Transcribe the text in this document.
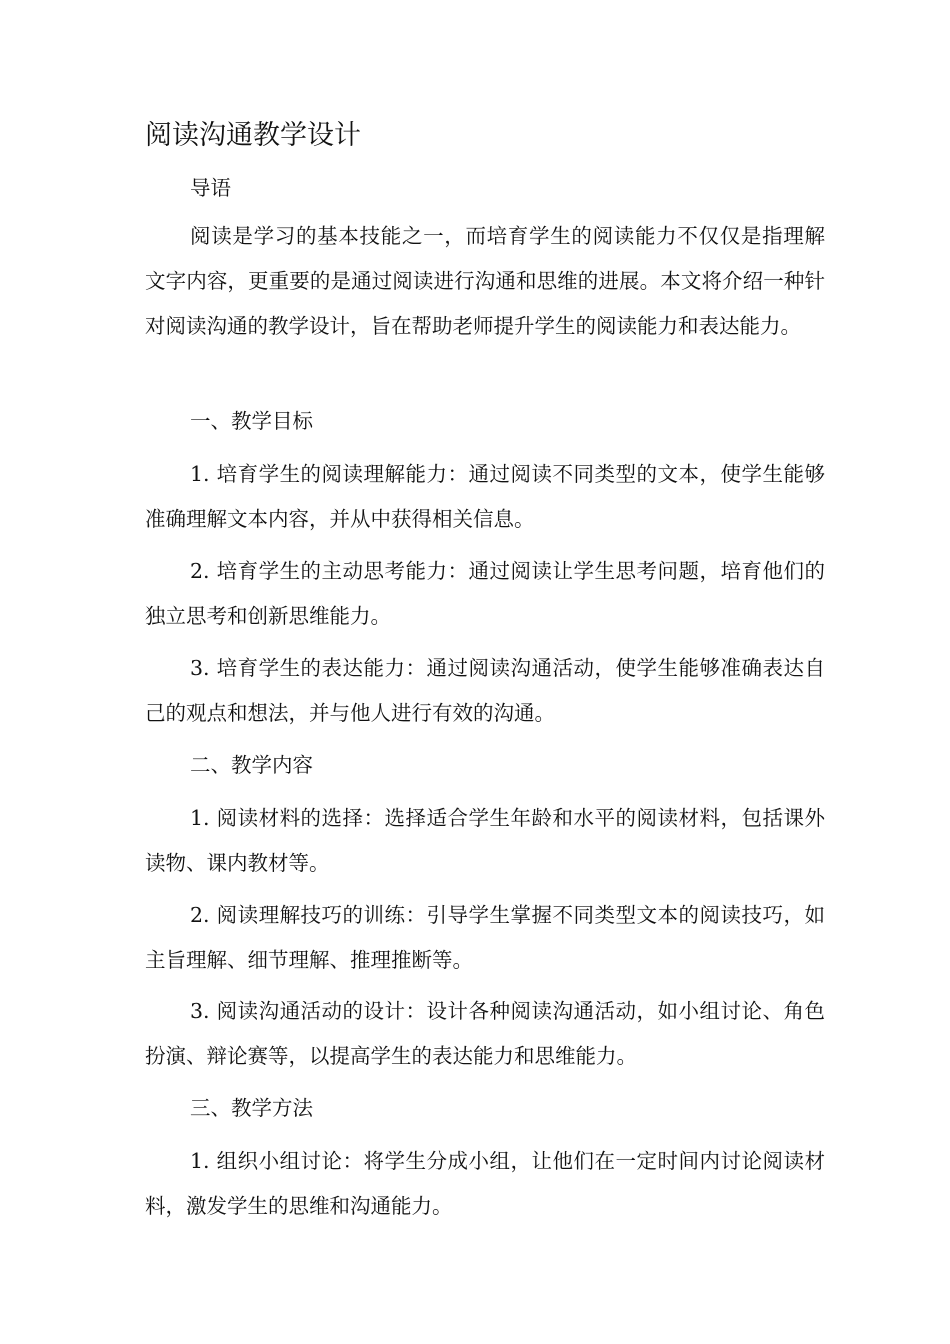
阅读沟通教学设计

导语

阅读是学习的基本技能之一，而培育学生的阅读能力不仅仅是指理解文字内容，更重要的是通过阅读进行沟通和思维的进展。本文将介绍一种针对阅读沟通的教学设计，旨在帮助老师提升学生的阅读能力和表达能力。

一、教学目标

1. 培育学生的阅读理解能力：通过阅读不同类型的文本，使学生能够准确理解文本内容，并从中获得相关信息。

2. 培育学生的主动思考能力：通过阅读让学生思考问题，培育他们的独立思考和创新思维能力。

3. 培育学生的表达能力：通过阅读沟通活动，使学生能够准确表达自己的观点和想法，并与他人进行有效的沟通。

二、教学内容

1. 阅读材料的选择：选择适合学生年龄和水平的阅读材料，包括课外读物、课内教材等。

2. 阅读理解技巧的训练：引导学生掌握不同类型文本的阅读技巧，如主旨理解、细节理解、推理推断等。

3. 阅读沟通活动的设计：设计各种阅读沟通活动，如小组讨论、角色扮演、辩论赛等，以提高学生的表达能力和思维能力。

三、教学方法

1. 组织小组讨论：将学生分成小组，让他们在一定时间内讨论阅读材料，激发学生的思维和沟通能力。
